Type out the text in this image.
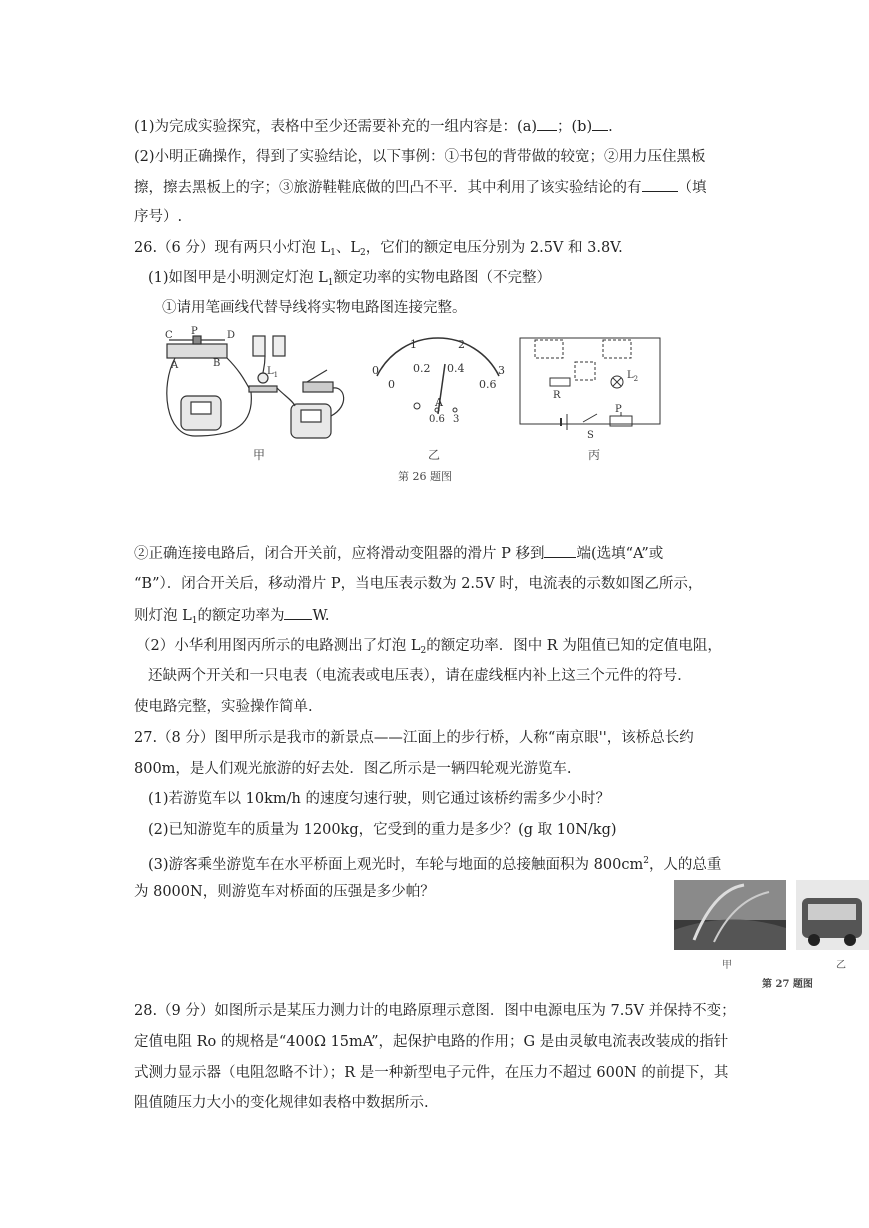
(1)为完成实验探究，表格中至少还需要补充的一组内容是：(a) ；(b) .
(2)小明正确操作，得到了实验结论，以下事例：①书包的背带做的较宽；②用力压住黑板
擦，擦去黑板上的字；③旅游鞋鞋底做的凹凸不平．其中利用了该实验结论的有 （填
序号）.
26.（6 分）现有两只小灯泡 $L_1$、$L_2$，它们的额定电压分别为 2.5V 和 3.8V.
(1)如图甲是小明测定灯泡 $L_1$额定功率的实物电路图（不完整）
①请用笔画线代替导线将实物电路图连接完整。
C P	D
A	B
$L_1$	0
1	2
3
0
0.2 0.4
0.6
A
0.6 3
R
$L_2$
S
P
甲	乙	丙
第 26 题图
②正确连接电路后，闭合开关前，应将滑动变阻器的滑片 P 移到 端(选填“A”或
“B”）．闭合开关后，移动滑片 P，当电压表示数为 2.5V 时，电流表的示数如图乙所示，
则灯泡 $L_1$的额定功率为 W.
（2）小华利用图丙所示的电路测出了灯泡 $L_2$的额定功率．图中 R 为阻值已知的定值电阻，
还缺两个开关和一只电表（电流表或电压表），请在虚线框内补上这三个元件的符号．
使电路完整，实验操作简单.
27.（8 分）图甲所示是我市的新景点——江面上的步行桥，人称“南京眼''，该桥总长约
800m，是人们观光旅游的好去处．图乙所示是一辆四轮观光游览车.
(1)若游览车以 10km/h 的速度匀速行驶，则它通过该桥约需多少小时？
(2)已知游览车的质量为 1200kg，它受到的重力是多少？(g 取 10N/kg)
(3)游客乘坐游览车在水平桥面上观光时，车轮与地面的总接触面积为 $800cm^2$，人的总重
为 8000N，则游览车对桥面的压强是多少帕？
甲	乙
第 27 题图
28.（9 分）如图所示是某压力测力计的电路原理示意图．图中电源电压为 7.5V 并保持不变；
定值电阻 Ro 的规格是“400Ω 15mA”，起保护电路的作用；G 是由灵敏电流表改装成的指针
式测力显示器（电阻忽略不计）；R 是一种新型电子元件，在压力不超过 600N 的前提下，其
阻值随压力大小的变化规律如表格中数据所示.
